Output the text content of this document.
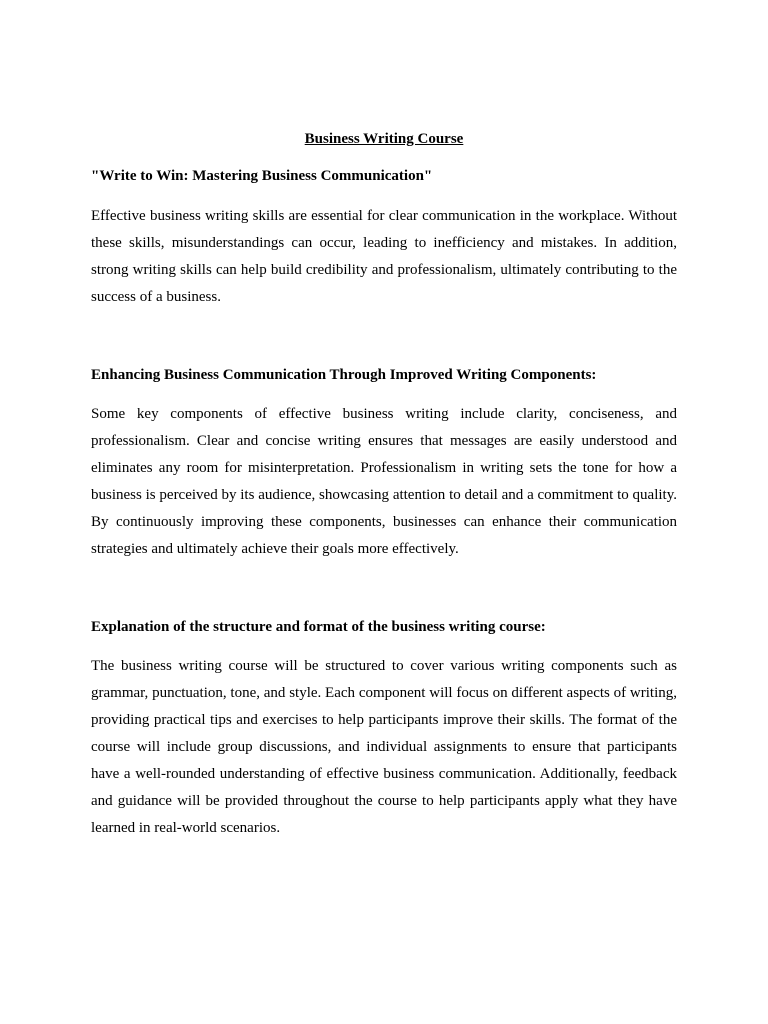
Business Writing Course
"Write to Win: Mastering Business Communication"

Effective business writing skills are essential for clear communication in the workplace. Without these skills, misunderstandings can occur, leading to inefficiency and mistakes. In addition, strong writing skills can help build credibility and professionalism, ultimately contributing to the success of a business.

Enhancing Business Communication Through Improved Writing Components:

Some key components of effective business writing include clarity, conciseness, and professionalism. Clear and concise writing ensures that messages are easily understood and eliminates any room for misinterpretation. Professionalism in writing sets the tone for how a business is perceived by its audience, showcasing attention to detail and a commitment to quality. By continuously improving these components, businesses can enhance their communication strategies and ultimately achieve their goals more effectively.

Explanation of the structure and format of the business writing course:

The business writing course will be structured to cover various writing components such as grammar, punctuation, tone, and style. Each component will focus on different aspects of writing, providing practical tips and exercises to help participants improve their skills. The format of the course will include group discussions, and individual assignments to ensure that participants have a well-rounded understanding of effective business communication. Additionally, feedback and guidance will be provided throughout the course to help participants apply what they have learned in real-world scenarios.
